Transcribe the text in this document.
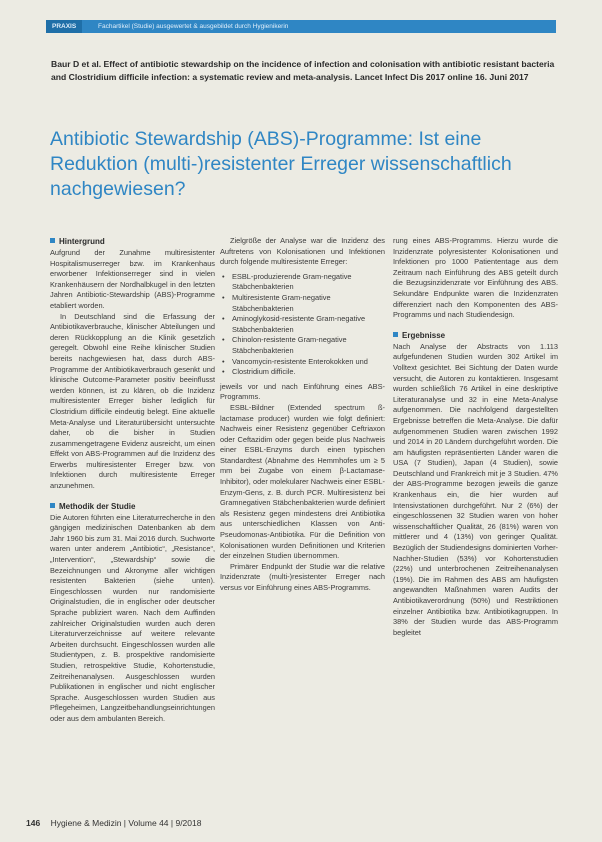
PRAXIS	Fachartikel (Studie) ausgewertet & ausgebildet durch Hygienikerin

Baur D et al. Effect of antibiotic stewardship on the incidence of infection and colonisation with antibiotic resistant bacteria and Clostridium difficile infection: a systematic review and meta-analysis. Lancet Infect Dis 2017 online 16. Juni 2017

Antibiotic Stewardship (ABS)-Programme: Ist eine Reduktion (multi-)resistenter Erreger wissenschaftlich nachgewiesen?
Hintergrund

Aufgrund der Zunahme multiresistenter Hospitalismuserreger bzw. im Krankenhaus erworbener Infektionserreger sind in vielen Krankenhäusern der Nordhalbkugel in den letzten Jahren Antibiotic-Stewardship (ABS)-Programme etabliert worden.

In Deutschland sind die Erfassung der Antibiotikaverbrauche, klinischer Abteilungen und deren Rückkopplung an die Klinik gesetzlich geregelt. Obwohl eine Reihe klinischer Studien bereits nachgewiesen hat, dass durch ABS-Programme der Antibiotikaverbrauch gesenkt und klinische Outcome-Parameter positiv beeinflusst werden können, ist zu klären, ob die Inzidenz multiresistenter Erreger bisher lediglich für Clostridium difficile eindeutig belegt. Eine aktuelle Meta-Analyse und Literaturübersicht untersuchte daher, ob die bisher in Studien zusammengetragene Evidenz ausreicht, um einen Effekt von ABS-Programmen auf die Inzidenz des Erwerbs multiresistenter Erreger bzw. von Infektionen durch multiresistente Erreger anzunehmen.

Methodik der Studie

Die Autoren führten eine Literaturrecherche in den gängigen medizinischen Datenbanken ab dem Jahr 1960 bis zum 31. Mai 2016 durch. Suchworte waren unter anderem „Antibiotic“, „Resistance“, „Intervention“, „Stewardship“ sowie die Bezeichnungen und Akronyme aller wichtigen resistenten Bakterien (siehe unten). Eingeschlossen wurden nur randomisierte Originalstudien, die in englischer oder deutscher Sprache publiziert waren. Nach dem Auffinden zahlreicher Originalstudien wurden auch deren Literaturverzeichnisse auf weitere relevante Arbeiten durchsucht. Eingeschlossen wurden alle Studientypen, z. B. prospektive randomisierte Studien, retrospektive Studie, Kohortenstudie, Zeitreihenanalysen. Ausgeschlossen wurden Publikationen in englischer und nicht englischer Sprache. Ausgeschlossen wurden Studien aus Pflegeheimen, Langzeitbehandlungseinrichtungen oder aus dem ambulanten Bereich.

Zielgröße der Analyse war die Inzidenz des Auftretens von Kolonisationen und Infektionen durch folgende multiresistente Erreger:

• ESBL-produzierende Gram-negative Stäbchenbakterien
• Multiresistente Gram-negative Stäbchenbakterien
• Aminoglykosid-resistente Gram-negative Stäbchenbakterien
• Chinolon-resistente Gram-negative Stäbchenbakterien
• Vancomycin-resistente Enterokokken und
• Clostridium difficile.

jeweils vor und nach Einführung eines ABS-Programms.

ESBL-Bildner (Extended spectrum ß-lactamase producer) wurden wie folgt definiert: Nachweis einer Resistenz gegenüber Ceftriaxon oder Ceftazidim oder gegen beide plus Nachweis einer ESBL-Enzyms durch einen typischen Standardtest (Abnahme des Hemmhofes um ≥ 5 mm bei Zugabe von einem β-Lactamase-Inhibitor), oder molekularer Nachweis einer ESBL-Enzym-Gens, z. B. durch PCR. Multiresistenz bei Gramnegativen Stäbchenbakterien wurde definiert als Resistenz gegen mindestens drei Antibiotika aus unterschiedlichen Klassen von Anti-Pseudomonas-Antibiotika. Für die Definition von Kolonisationen wurden Definitionen und Kriterien der einzelnen Studien übernommen.

Primärer Endpunkt der Studie war die relative Inzidenzrate (multi-)resistenter Erreger nach versus vor Einführung eines ABS-Programms.

rung eines ABS-Programms. Hierzu wurde die Inzidenzrate polyresistenter Kolonisationen und Infektionen pro 1000 Patiententage aus dem Zeitraum nach Einführung des ABS geteilt durch die Bezugsinzidenzrate vor Einführung des ABS. Sekundäre Endpunkte waren die Inzidenzraten differenziert nach den Komponenten des ABS-Programms und nach Studiendesign.

Ergebnisse

Nach Analyse der Abstracts von 1.113 aufgefundenen Studien wurden 302 Artikel im Volltext gesichtet. Bei Sichtung der Daten wurde versucht, die Autoren zu kontaktieren. Insgesamt wurden schließlich 76 Artikel in eine deskriptive Literaturanalyse und 32 in eine Meta-Analyse aufgenommen. Die nachfolgend dargestellten Ergebnisse betreffen die Meta-Analyse. Die dafür aufgenommenen Studien waren zwischen 1992 und 2014 in 20 Ländern durchgeführt worden. Die am häufigsten repräsentierten Länder waren die USA (7 Studien), Japan (4 Studien), sowie Deutschland und Frankreich mit je 3 Studien. 47% der ABS-Programme bezogen jeweils die ganze Krankenhaus ein, die hier wurden auf Intensivstationen durchgeführt. Nur 2 (6%) der eingeschlossenen 32 Studien waren von hoher wissenschaftlicher Qualität, 26 (81%) waren von mittlerer und 4 (13%) von geringer Qualität. Bezüglich der Studiendesigns dominierten Vorher-Nachher-Studien (53%) vor Kohortenstudien (22%) und unterbrochenen Zeitreihenanalysen (19%). Die im Rahmen des ABS am häufigsten angewandten Maßnahmen waren Audits der Antibiotikaverordnung (50%) und Restriktionen einzelner Antibiotika bzw. Antibiotikagruppen. In 38% der Studien wurde das ABS-Programm begleitet

146 Hygiene & Medizin | Volume 44 | 9/2018
